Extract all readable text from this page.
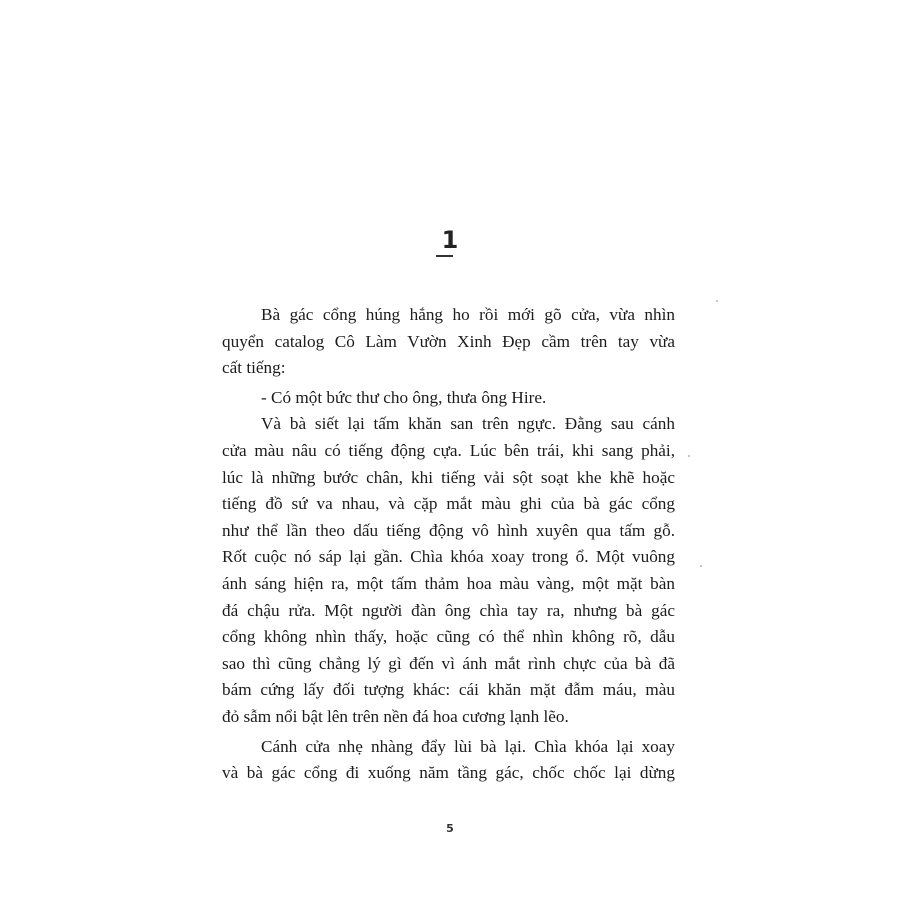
1
Bà gác cổng húng hắng ho rồi mới gõ cửa, vừa nhìn
quyển catalog Cô Làm Vườn Xinh Đẹp cầm trên tay vừa
cất tiếng:
- Có một bức thư cho ông, thưa ông Hire.
Và bà siết lại tấm khăn san trên ngực. Đằng sau cánh
cửa màu nâu có tiếng động cựa. Lúc bên trái, khi sang phải,
lúc là những bước chân, khi tiếng vải sột soạt khe khẽ hoặc
tiếng đồ sứ va nhau, và cặp mắt màu ghi của bà gác cổng
như thể lần theo dấu tiếng động vô hình xuyên qua tấm gỗ.
Rốt cuộc nó sáp lại gần. Chìa khóa xoay trong ổ. Một vuông
ánh sáng hiện ra, một tấm thảm hoa màu vàng, một mặt bàn
đá chậu rửa. Một người đàn ông chìa tay ra, nhưng bà gác
cổng không nhìn thấy, hoặc cũng có thể nhìn không rõ, dẫu
sao thì cũng chẳng lý gì đến vì ánh mắt rình chực của bà đã
bám cứng lấy đối tượng khác: cái khăn mặt đẫm máu, màu
đỏ sẫm nổi bật lên trên nền đá hoa cương lạnh lẽo.
Cánh cửa nhẹ nhàng đẩy lùi bà lại. Chìa khóa lại xoay
và bà gác cổng đi xuống năm tầng gác, chốc chốc lại dừng
5
